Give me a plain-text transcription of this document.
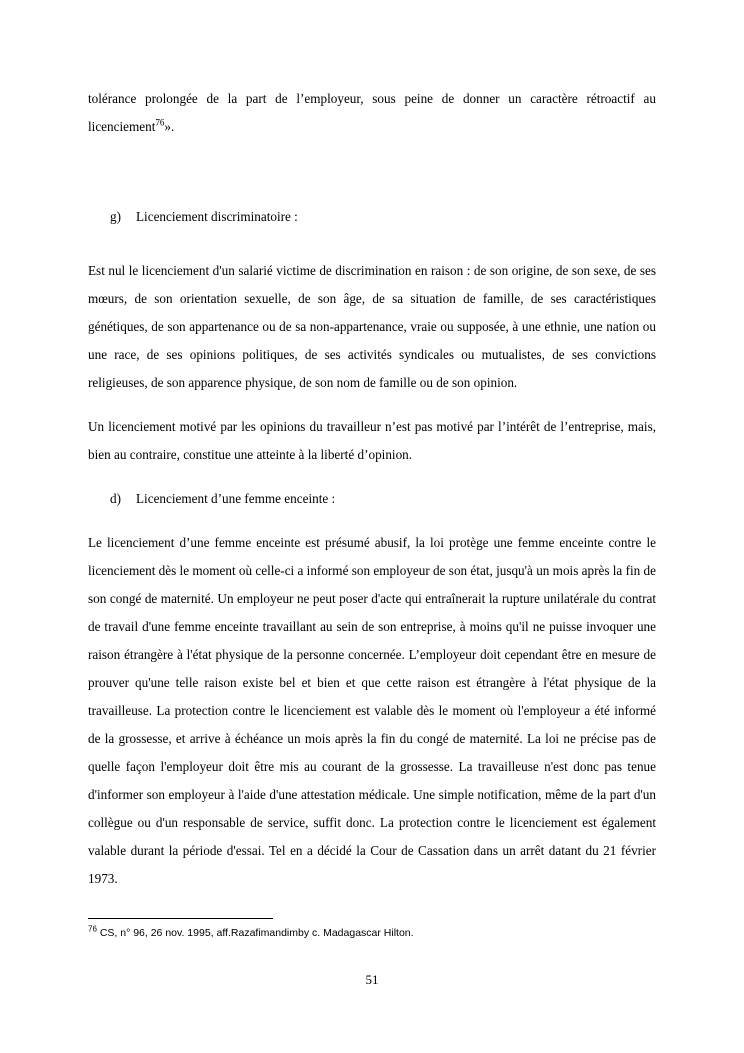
tolérance prolongée de la part de l’employeur, sous peine de donner un caractère rétroactif au licenciement$^{76}$».

g) Licenciement discriminatoire :

Est nul le licenciement d'un salarié victime de discrimination en raison : de son origine, de son sexe, de ses mœurs, de son orientation sexuelle, de son âge, de sa situation de famille, de ses caractéristiques génétiques, de son appartenance ou de sa non-appartenance, vraie ou supposée, à une ethnie, une nation ou une race, de ses opinions politiques, de ses activités syndicales ou mutualistes, de ses convictions religieuses, de son apparence physique, de son nom de famille ou de son opinion.

Un licenciement motivé par les opinions du travailleur n’est pas motivé par l’intérêt de l’entreprise, mais, bien au contraire, constitue une atteinte à la liberté d’opinion.

d) Licenciement d’une femme enceinte :

Le licenciement d’une femme enceinte est présumé abusif, la loi protège une femme enceinte contre le licenciement dès le moment où celle-ci a informé son employeur de son état, jusqu'à un mois après la fin de son congé de maternité. Un employeur ne peut poser d'acte qui entraînerait la rupture unilatérale du contrat de travail d'une femme enceinte travaillant au sein de son entreprise, à moins qu'il ne puisse invoquer une raison étrangère à l'état physique de la personne concernée. L’employeur doit cependant être en mesure de prouver qu'une telle raison existe bel et bien et que cette raison est étrangère à l'état physique de la travailleuse. La protection contre le licenciement est valable dès le moment où l'employeur a été informé de la grossesse, et arrive à échéance un mois après la fin du congé de maternité. La loi ne précise pas de quelle façon l'employeur doit être mis au courant de la grossesse. La travailleuse n'est donc pas tenue d'informer son employeur à l'aide d'une attestation médicale. Une simple notification, même de la part d'un collègue ou d'un responsable de service, suffit donc. La protection contre le licenciement est également valable durant la période d'essai. Tel en a décidé la Cour de Cassation dans un arrêt datant du 21 février 1973.

$^{76}$ CS, n° 96, 26 nov. 1995, aff.Razafimandimby c. Madagascar Hilton.
51
